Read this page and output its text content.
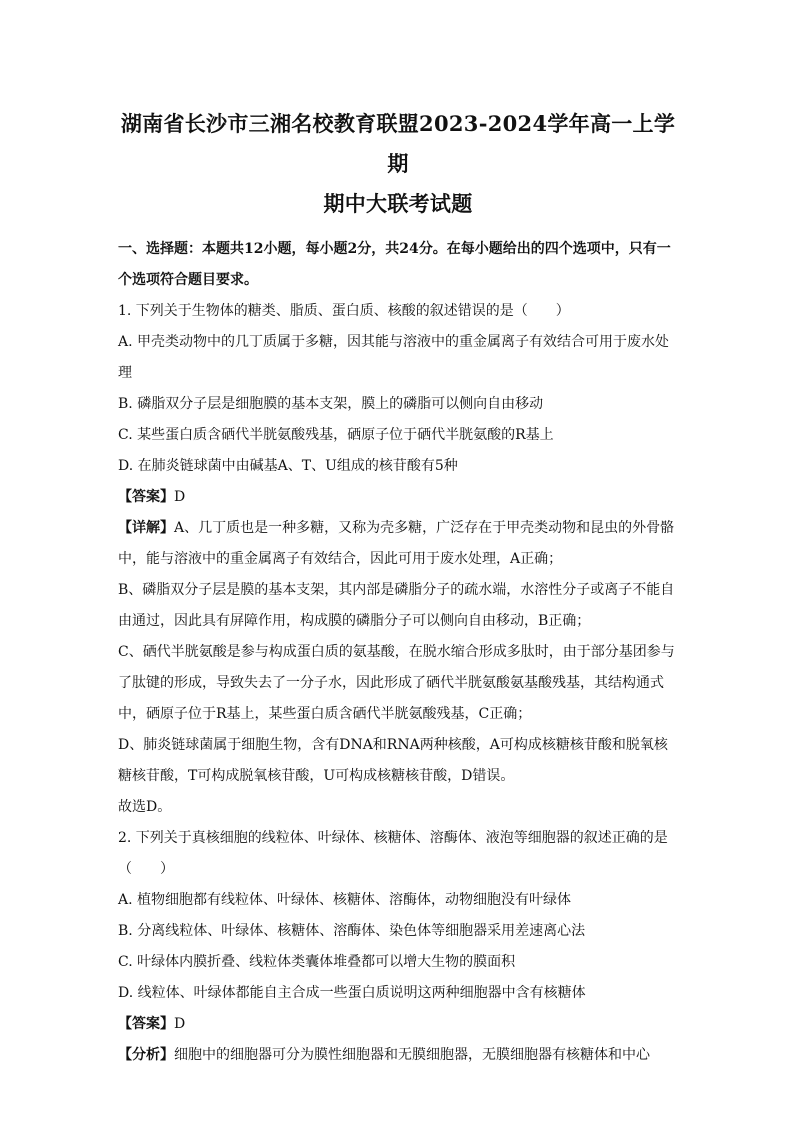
湖南省长沙市三湘名校教育联盟2023-2024学年高一上学期
期中大联考试题

一、选择题：本题共12小题，每小题2分，共24分。在每小题给出的四个选项中，只有一个选项符合题目要求。

1. 下列关于生物体的糖类、脂质、蛋白质、核酸的叙述错误的是（　　）

A. 甲壳类动物中的几丁质属于多糖，因其能与溶液中的重金属离子有效结合可用于废水处理

B. 磷脂双分子层是细胞膜的基本支架，膜上的磷脂可以侧向自由移动

C. 某些蛋白质含硒代半胱氨酸残基，硒原子位于硒代半胱氨酸的R基上

D. 在肺炎链球菌中由碱基A、T、U组成的核苷酸有5种

【答案】D

【详解】A、几丁质也是一种多糖，又称为壳多糖，广泛存在于甲壳类动物和昆虫的外骨骼中，能与溶液中的重金属离子有效结合，因此可用于废水处理，A正确；

B、磷脂双分子层是膜的基本支架，其内部是磷脂分子的疏水端，水溶性分子或离子不能自由通过，因此具有屏障作用，构成膜的磷脂分子可以侧向自由移动，B正确；

C、硒代半胱氨酸是参与构成蛋白质的氨基酸，在脱水缩合形成多肽时，由于部分基团参与了肽键的形成，导致失去了一分子水，因此形成了硒代半胱氨酸氨基酸残基，其结构通式中，硒原子位于R基上，某些蛋白质含硒代半胱氨酸残基，C正确；

D、肺炎链球菌属于细胞生物，含有DNA和RNA两种核酸，A可构成核糖核苷酸和脱氧核糖核苷酸，T可构成脱氧核苷酸，U可构成核糖核苷酸，D错误。

故选D。

2. 下列关于真核细胞的线粒体、叶绿体、核糖体、溶酶体、液泡等细胞器的叙述正确的是（　　）

A. 植物细胞都有线粒体、叶绿体、核糖体、溶酶体，动物细胞没有叶绿体

B. 分离线粒体、叶绿体、核糖体、溶酶体、染色体等细胞器采用差速离心法

C. 叶绿体内膜折叠、线粒体类囊体堆叠都可以增大生物的膜面积

D. 线粒体、叶绿体都能自主合成一些蛋白质说明这两种细胞器中含有核糖体

【答案】D

【分析】细胞中的细胞器可分为膜性细胞器和无膜细胞器，无膜细胞器有核糖体和中心
